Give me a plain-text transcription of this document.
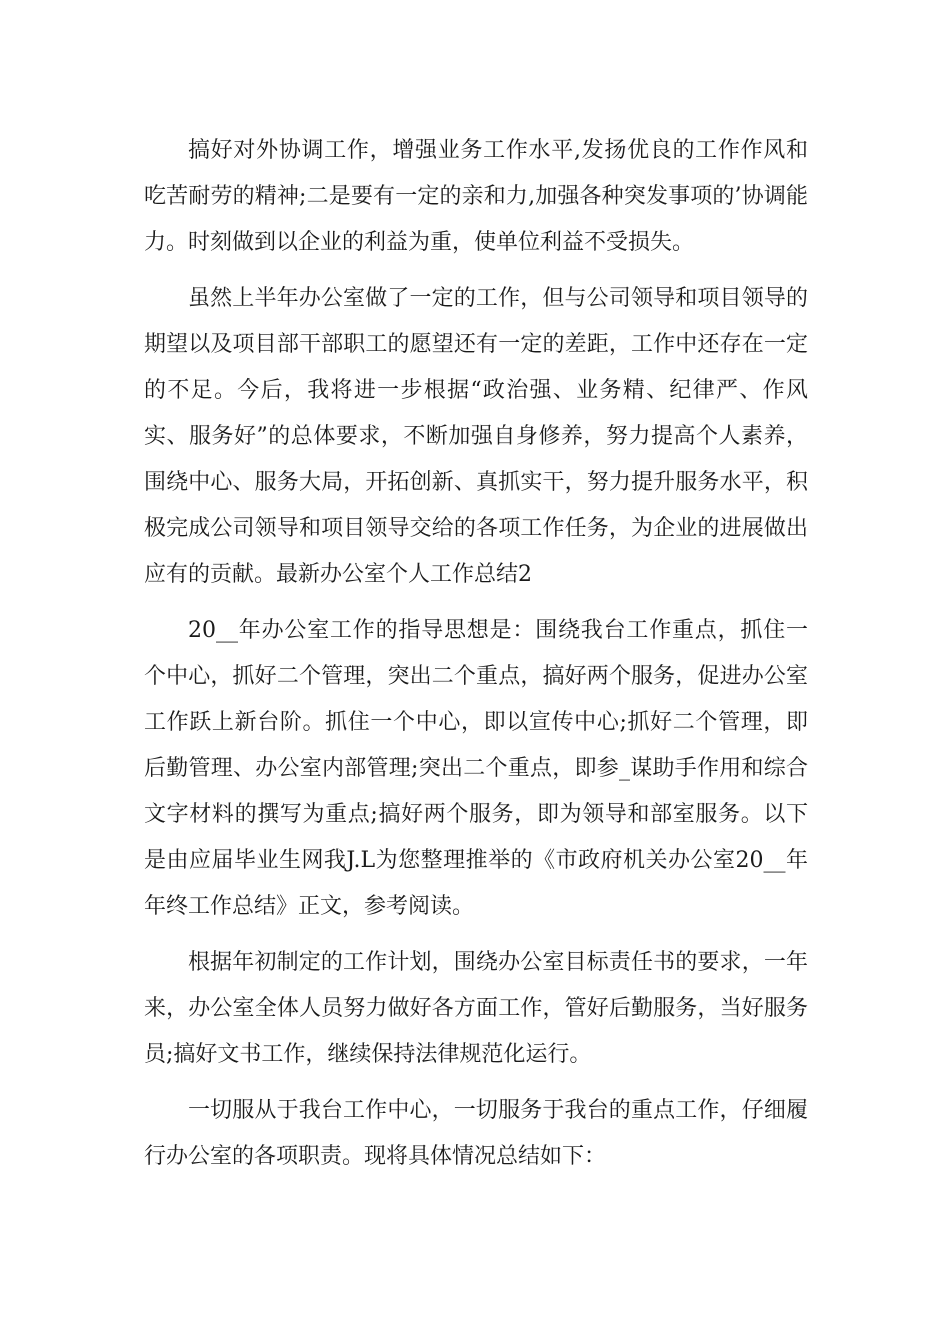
搞好对外协调工作，增强业务工作水平,发扬优良的工作作风和吃苦耐劳的精神;二是要有一定的亲和力,加强各种突发事项的’协调能力。时刻做到以企业的利益为重，使单位利益不受损失。

虽然上半年办公室做了一定的工作，但与公司领导和项目领导的期望以及项目部干部职工的愿望还有一定的差距，工作中还存在一定的不足。今后，我将进一步根据“政治强、业务精、纪律严、作风实、服务好”的总体要求，不断加强自身修养，努力提高个人素养，围绕中心、服务大局，开拓创新、真抓实干，努力提升服务水平，积极完成公司领导和项目领导交给的各项工作任务，为企业的进展做出应有的贡献。最新办公室个人工作总结2

20__年办公室工作的指导思想是：围绕我台工作重点，抓住一个中心，抓好二个管理，突出二个重点，搞好两个服务，促进办公室工作跃上新台阶。抓住一个中心，即以宣传中心;抓好二个管理，即后勤管理、办公室内部管理;突出二个重点，即参_谋助手作用和综合文字材料的撰写为重点;搞好两个服务，即为领导和部室服务。以下是由应届毕业生网我J.L为您整理推举的《市政府机关办公室20__年年终工作总结》正文，参考阅读。

根据年初制定的工作计划，围绕办公室目标责任书的要求，一年来，办公室全体人员努力做好各方面工作，管好后勤服务，当好服务员;搞好文书工作，继续保持法律规范化运行。

一切服从于我台工作中心，一切服务于我台的重点工作，仔细履行办公室的各项职责。现将具体情况总结如下：
